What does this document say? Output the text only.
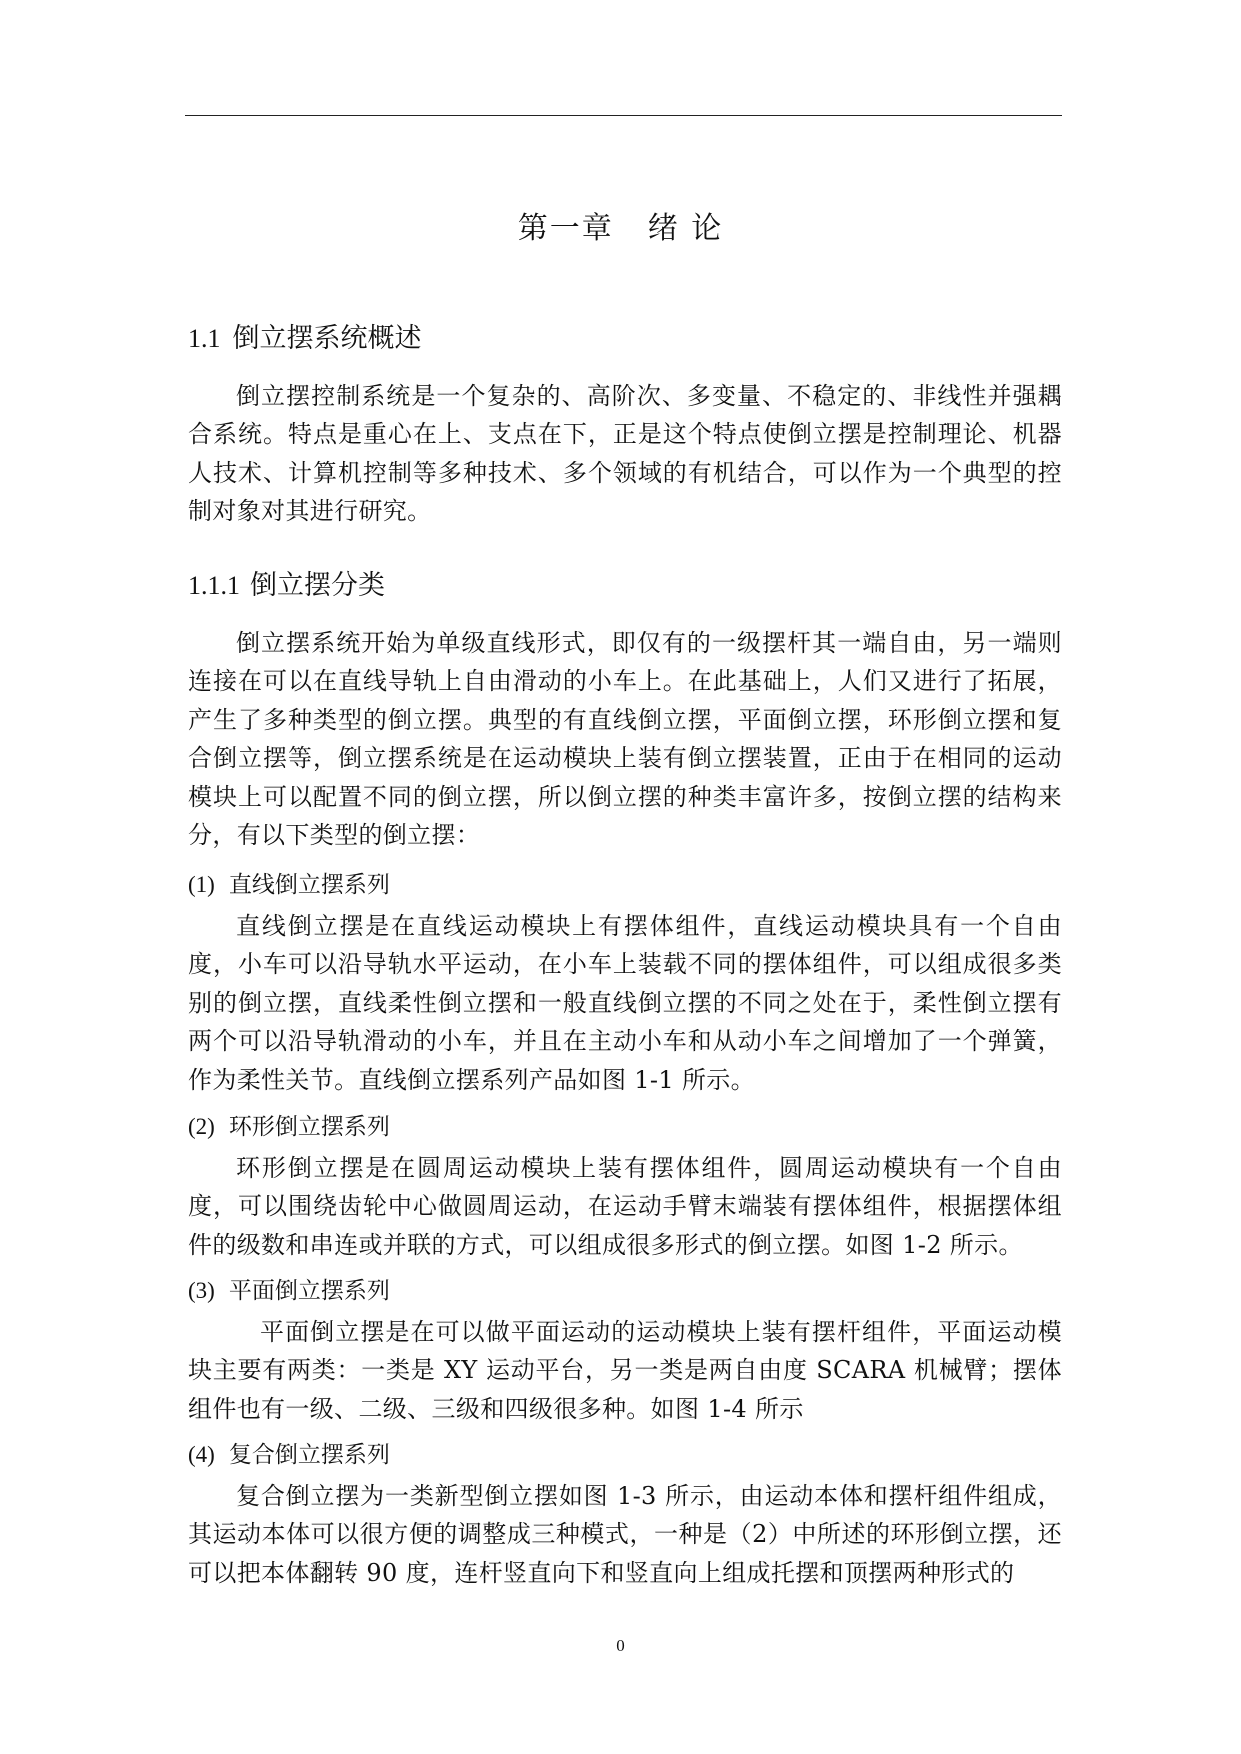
第一章 绪 论
1.1 倒立摆系统概述
倒立摆控制系统是一个复杂的、高阶次、多变量、不稳定的、非线性并强耦合系统。特点是重心在上、支点在下，正是这个特点使倒立摆是控制理论、机器人技术、计算机控制等多种技术、多个领域的有机结合，可以作为一个典型的控制对象对其进行研究。
1.1.1 倒立摆分类
倒立摆系统开始为单级直线形式，即仅有的一级摆杆其一端自由，另一端则连接在可以在直线导轨上自由滑动的小车上。在此基础上，人们又进行了拓展，产生了多种类型的倒立摆。典型的有直线倒立摆，平面倒立摆，环形倒立摆和复合倒立摆等，倒立摆系统是在运动模块上装有倒立摆装置，正由于在相同的运动模块上可以配置不同的倒立摆，所以倒立摆的种类丰富许多，按倒立摆的结构来分，有以下类型的倒立摆：
(1) 直线倒立摆系列
直线倒立摆是在直线运动模块上有摆体组件，直线运动模块具有一个自由度，小车可以沿导轨水平运动，在小车上装载不同的摆体组件，可以组成很多类别的倒立摆，直线柔性倒立摆和一般直线倒立摆的不同之处在于，柔性倒立摆有两个可以沿导轨滑动的小车，并且在主动小车和从动小车之间增加了一个弹簧，作为柔性关节。直线倒立摆系列产品如图 1-1 所示。
(2) 环形倒立摆系列
环形倒立摆是在圆周运动模块上装有摆体组件，圆周运动模块有一个自由度，可以围绕齿轮中心做圆周运动，在运动手臂末端装有摆体组件，根据摆体组件的级数和串连或并联的方式，可以组成很多形式的倒立摆。如图 1-2 所示。
(3) 平面倒立摆系列
平面倒立摆是在可以做平面运动的运动模块上装有摆杆组件，平面运动模块主要有两类：一类是 XY 运动平台，另一类是两自由度 SCARA 机械臂；摆体组件也有一级、二级、三级和四级很多种。如图 1-4 所示
(4) 复合倒立摆系列
复合倒立摆为一类新型倒立摆如图 1-3 所示，由运动本体和摆杆组件组成，其运动本体可以很方便的调整成三种模式，一种是（2）中所述的环形倒立摆，还可以把本体翻转 90 度，连杆竖直向下和竖直向上组成托摆和顶摆两种形式的
0
